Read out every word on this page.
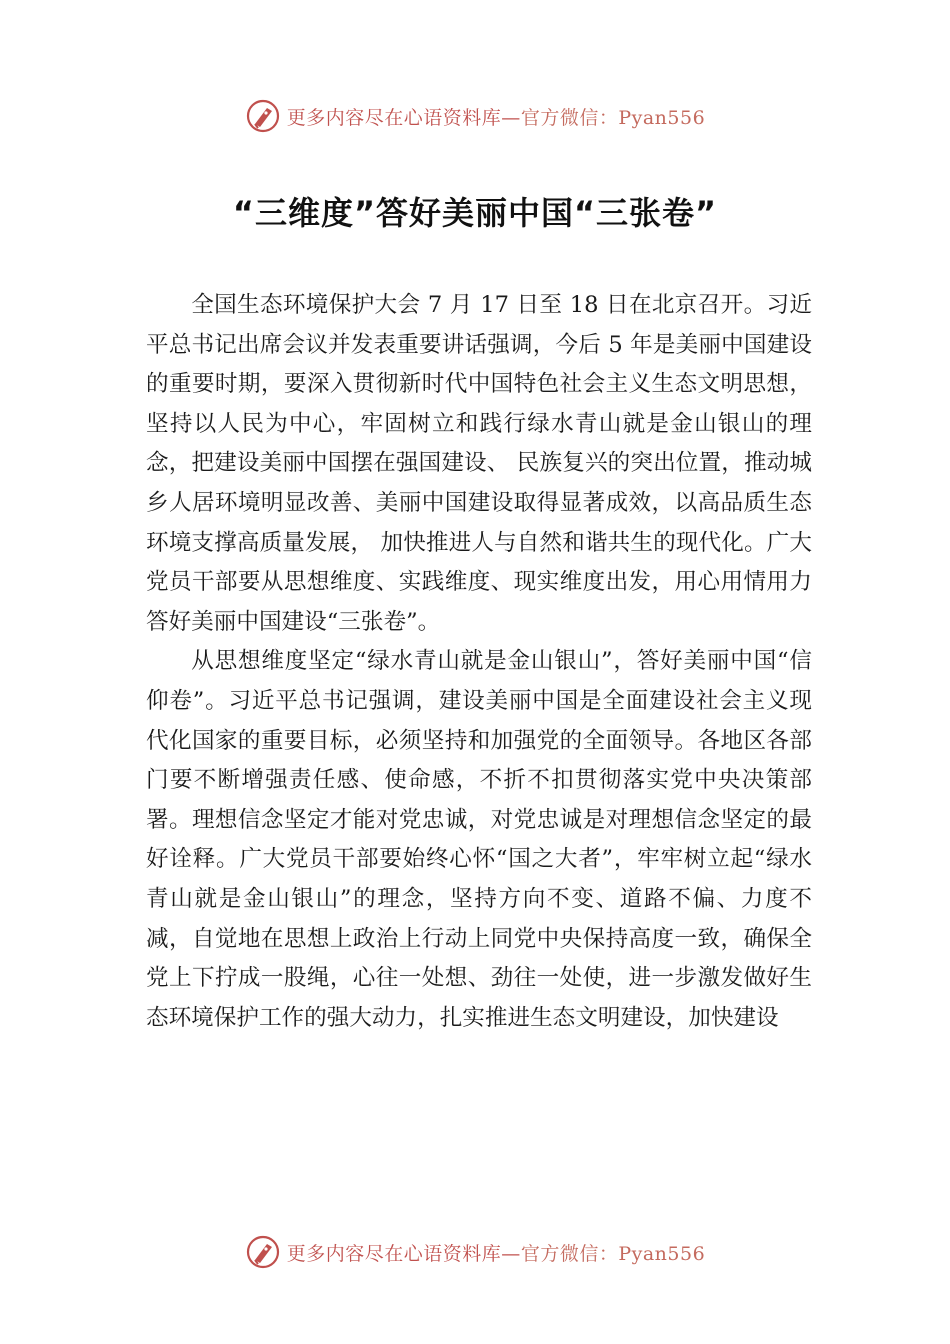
更多内容尽在心语资料库—官方微信：Pyan556
“三维度”答好美丽中国“三张卷”

全国生态环境保护大会 7 月 17 日至 18 日在北京召开。习近平总书记出席会议并发表重要讲话强调，今后 5 年是美丽中国建设的重要时期，要深入贯彻新时代中国特色社会主义生态文明思想，坚持以人民为中心，牢固树立和践行绿水青山就是金山银山的理念，把建设美丽中国摆在强国建设、 民族复兴的突出位置，推动城乡人居环境明显改善、美丽中国建设取得显著成效，以高品质生态环境支撑高质量发展， 加快推进人与自然和谐共生的现代化。广大党员干部要从思想维度、实践维度、现实维度出发，用心用情用力答好美丽中国建设“三张卷”。

从思想维度坚定“绿水青山就是金山银山”，答好美丽中国“信仰卷”。习近平总书记强调，建设美丽中国是全面建设社会主义现代化国家的重要目标，必须坚持和加强党的全面领导。各地区各部门要不断增强责任感、使命感，不折不扣贯彻落实党中央决策部署。理想信念坚定才能对党忠诚，对党忠诚是对理想信念坚定的最好诠释。广大党员干部要始终心怀“国之大者”，牢牢树立起“绿水青山就是金山银山”的理念，坚持方向不变、道路不偏、力度不减，自觉地在思想上政治上行动上同党中央保持高度一致，确保全党上下拧成一股绳，心往一处想、劲往一处使，进一步激发做好生态环境保护工作的强大动力，扎实推进生态文明建设，加快建设

更多内容尽在心语资料库—官方微信：Pyan556
